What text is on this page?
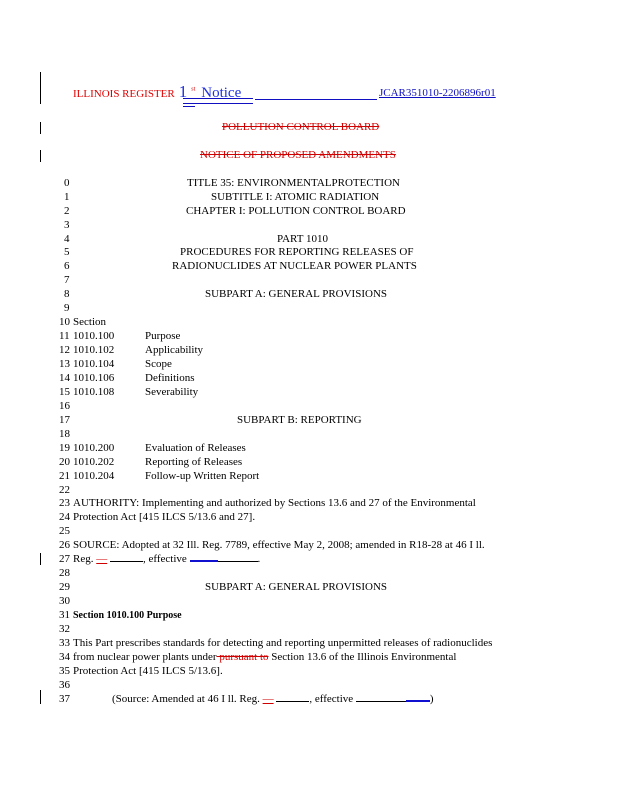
ILLINOIS REGISTER 1 $^{st}$ Notice	JCAR351010-2206896r01
POLLUTION CONTROL BOARD
NOTICE OF PROPOSED AMENDMENTS
0	TITLE 35: ENVIRONMENTALPROTECTION
1	SUBTITLE I: ATOMIC RADIATION
2	CHAPTER I: POLLUTION CONTROL BOARD
3
4	PART 1010
5	PROCEDURES FOR REPORTING RELEASES OF
6	RADIONUCLIDES AT NUCLEAR POWER PLANTS
7
8	SUBPART A: GENERAL PROVISIONS
9
10 Section
11 1010.100	Purpose
12 1010.102	Applicability
13 1010.104	Scope
14 1010.106	Definitions
15 1010.108	Severability
16
17	SUBPART B: REPORTING
18
19 1010.200	Evaluation of Releases
20 1010.202	Reporting of Releases
21 1010.204	Follow-up Written Report
22
23 AUTHORITY: Implementing and authorized by Sections 13.6 and 27 of the Environmental
24 Protection Act [415 ILCS 5/13.6 and 27].
25
26 SOURCE: Adopted at 32 Ill. Reg. 7789, effective May 2, 2008; amended in R18-28 at 46 I ll.
27 Reg. —	, effective	.
28
29	SUBPART A: GENERAL PROVISIONS
30
31 Section 1010.100 Purpose
32
33 This Part prescribes standards for detecting and reporting unpermitted releases of radionuclides
34 from nuclear power plants under pursuant to Section 13.6 of the Illinois Environmental
35 Protection Act [415 ILCS 5/13.6].
36
37	(Source: Amended at 46 I ll. Reg. —	, effective	)
